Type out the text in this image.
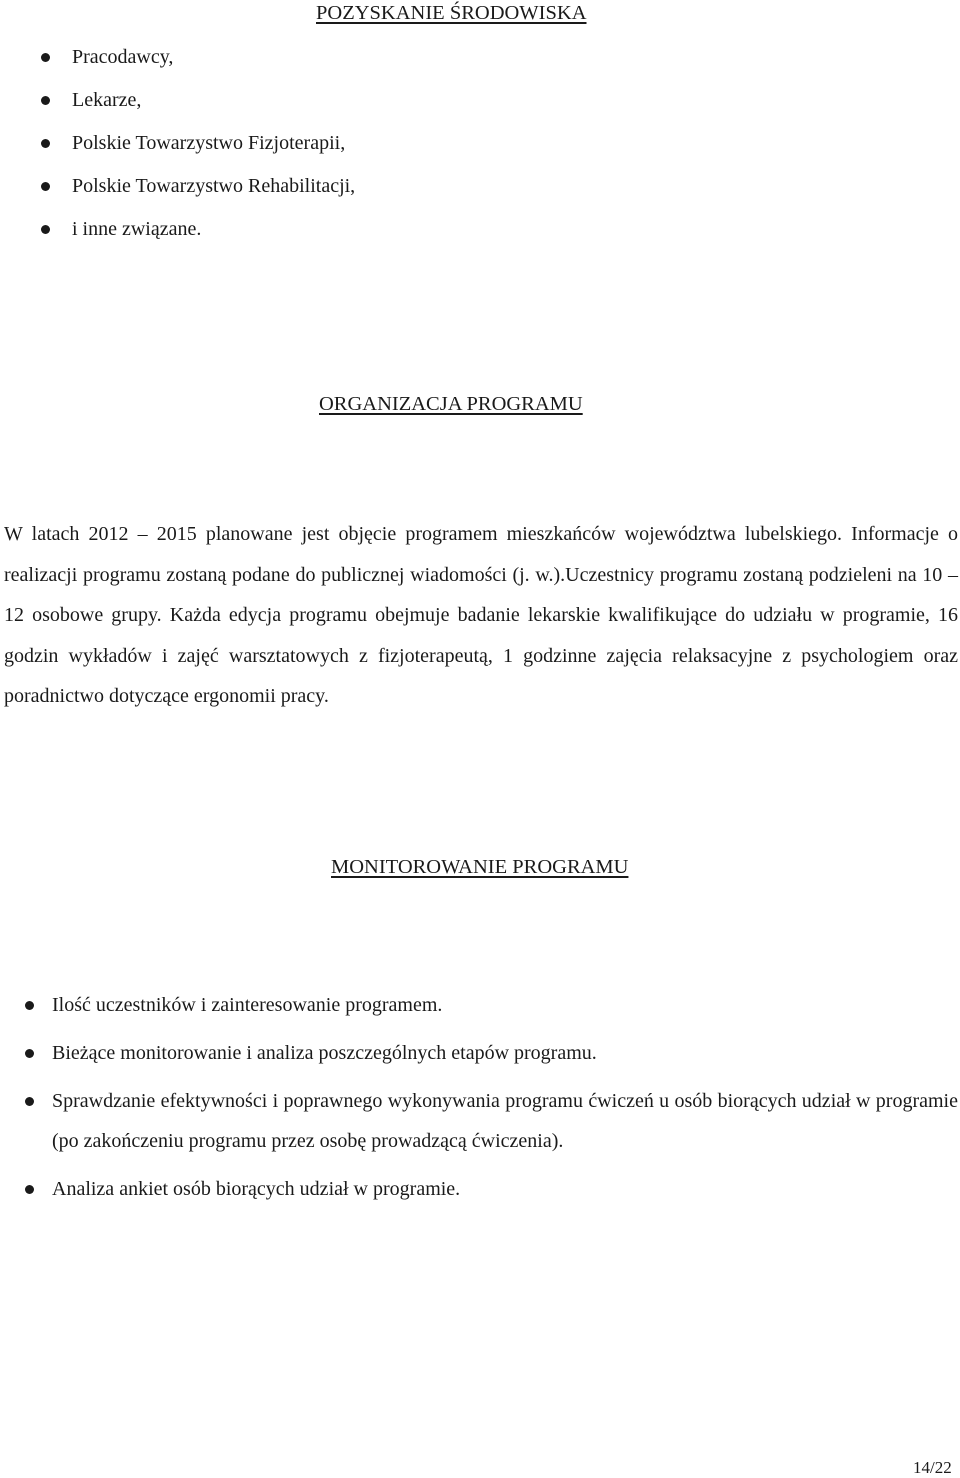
POZYSKANIE ŚRODOWISKA
Pracodawcy,
Lekarze,
Polskie Towarzystwo Fizjoterapii,
Polskie Towarzystwo Rehabilitacji,
i inne związane.
ORGANIZACJA PROGRAMU

W latach 2012 – 2015 planowane jest objęcie programem mieszkańców województwa lubelskiego. Informacje o realizacji programu zostaną podane do publicznej wiadomości (j. w.).Uczestnicy programu zostaną podzieleni na 10 – 12 osobowe grupy. Każda edycja programu obejmuje badanie lekarskie kwalifikujące do udziału w programie, 16 godzin wykładów i zajęć warsztatowych z fizjoterapeutą, 1 godzinne zajęcia relaksacyjne z psychologiem oraz poradnictwo dotyczące ergonomii pracy.

MONITOROWANIE PROGRAMU
Ilość uczestników i zainteresowanie programem.
Bieżące monitorowanie i analiza poszczególnych etapów programu.
Sprawdzanie efektywności i poprawnego wykonywania programu ćwiczeń u osób biorących udział w programie (po zakończeniu programu przez osobę prowadzącą ćwiczenia).
Analiza ankiet osób biorących udział w programie.
14/22
